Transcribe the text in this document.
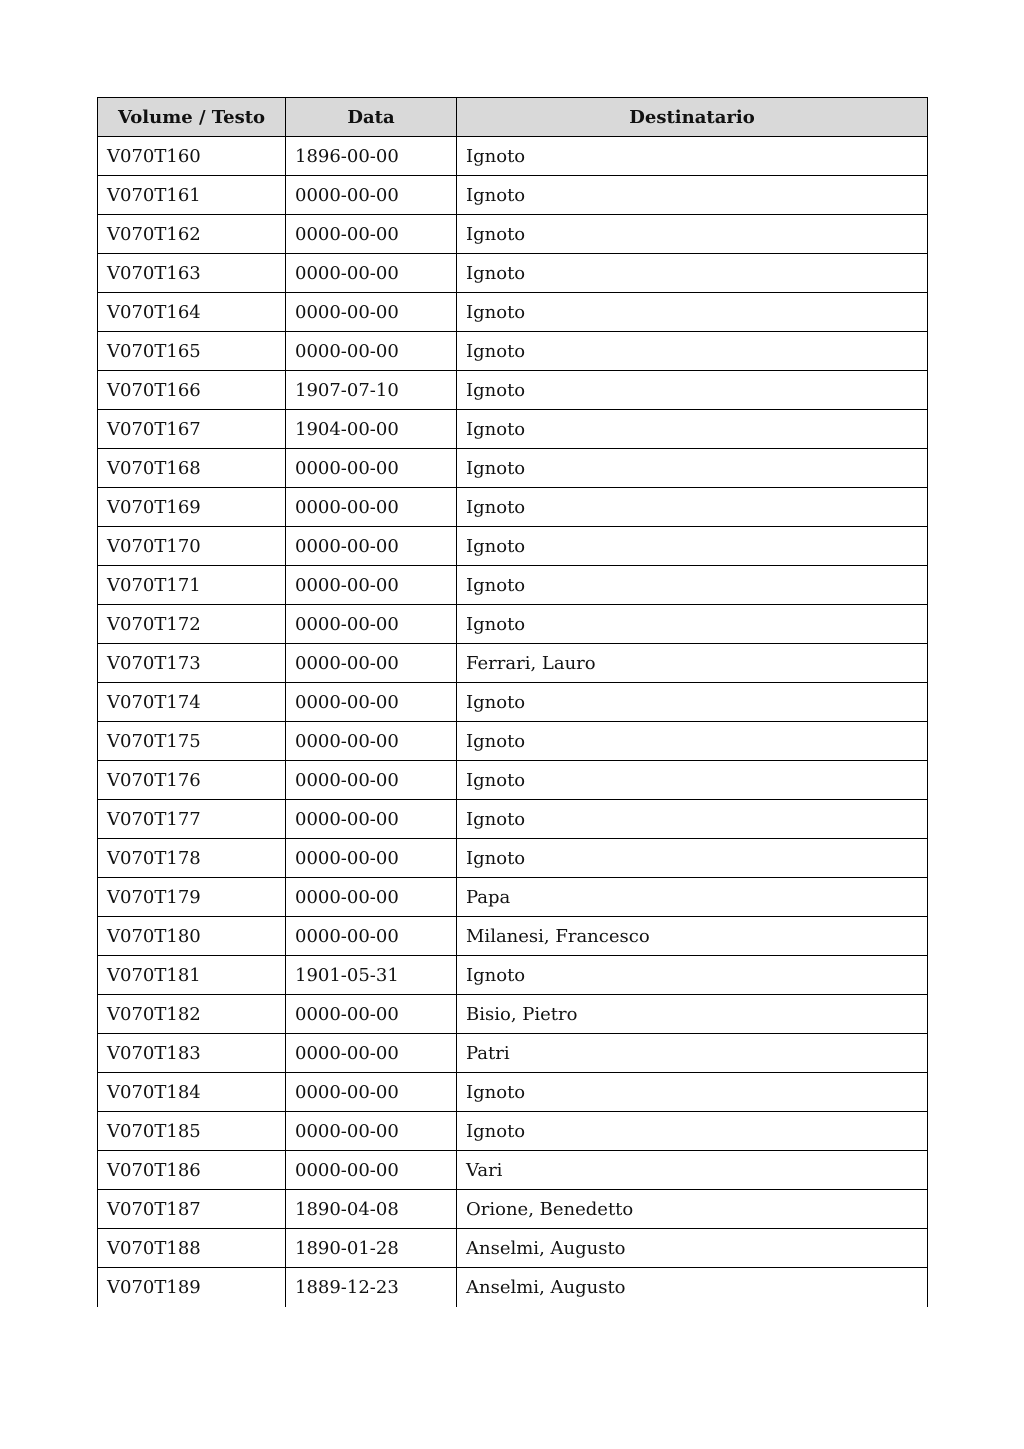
Volume / Testo	Data	Destinatario
V070T160	1896-00-00	Ignoto
V070T161	0000-00-00	Ignoto
V070T162	0000-00-00	Ignoto
V070T163	0000-00-00	Ignoto
V070T164	0000-00-00	Ignoto
V070T165	0000-00-00	Ignoto
V070T166	1907-07-10	Ignoto
V070T167	1904-00-00	Ignoto
V070T168	0000-00-00	Ignoto
V070T169	0000-00-00	Ignoto
V070T170	0000-00-00	Ignoto
V070T171	0000-00-00	Ignoto
V070T172	0000-00-00	Ignoto
V070T173	0000-00-00	Ferrari, Lauro
V070T174	0000-00-00	Ignoto
V070T175	0000-00-00	Ignoto
V070T176	0000-00-00	Ignoto
V070T177	0000-00-00	Ignoto
V070T178	0000-00-00	Ignoto
V070T179	0000-00-00	Papa
V070T180	0000-00-00	Milanesi, Francesco
V070T181	1901-05-31	Ignoto
V070T182	0000-00-00	Bisio, Pietro
V070T183	0000-00-00	Patri
V070T184	0000-00-00	Ignoto
V070T185	0000-00-00	Ignoto
V070T186	0000-00-00	Vari
V070T187	1890-04-08	Orione, Benedetto
V070T188	1890-01-28	Anselmi, Augusto
V070T189	1889-12-23	Anselmi, Augusto
